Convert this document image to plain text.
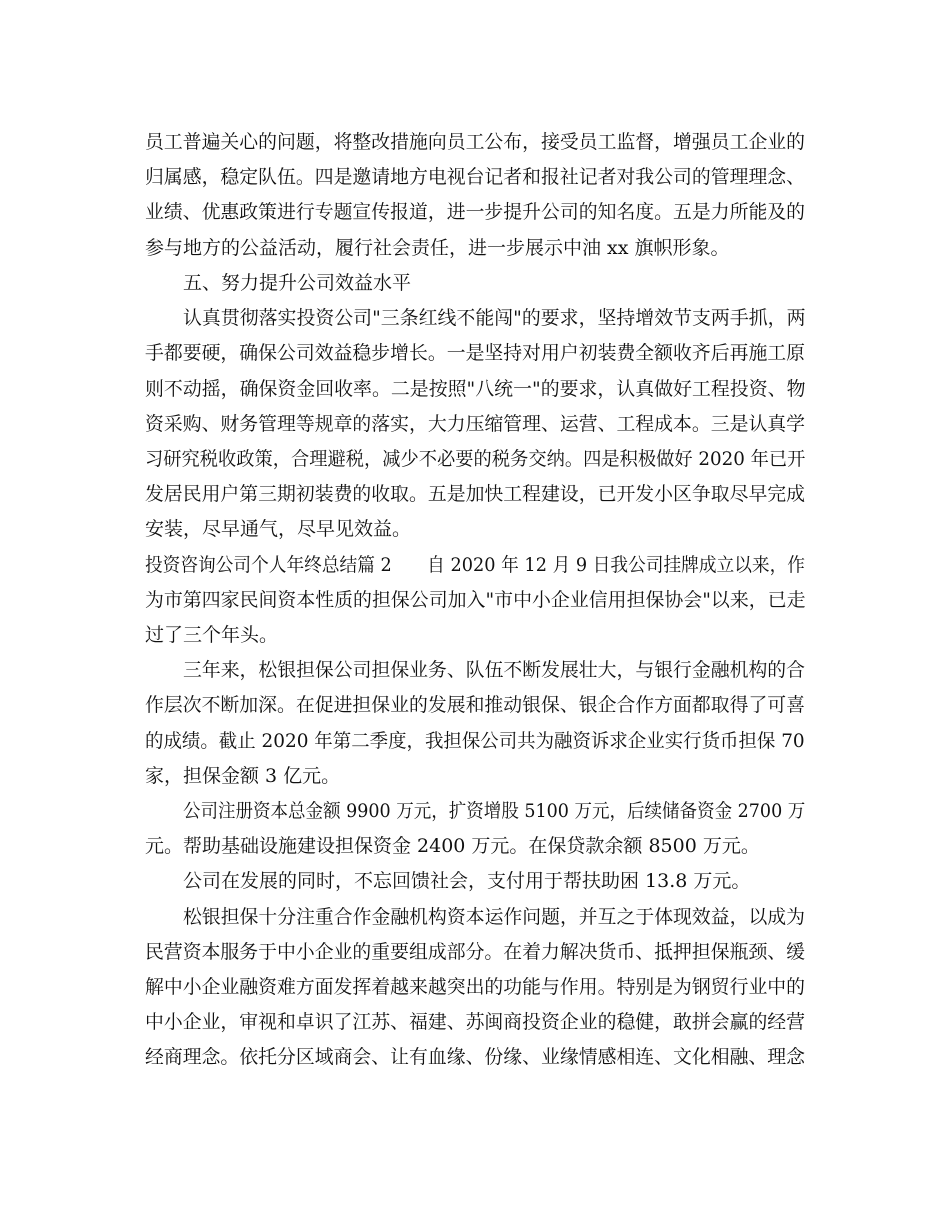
员工普遍关心的问题，将整改措施向员工公布，接受员工监督，增强员工企业的
归属感，稳定队伍。四是邀请地方电视台记者和报社记者对我公司的管理理念、
业绩、优惠政策进行专题宣传报道，进一步提升公司的知名度。五是力所能及的
参与地方的公益活动，履行社会责任，进一步展示中油 xx 旗帜形象。
五、努力提升公司效益水平
认真贯彻落实投资公司"三条红线不能闯"的要求，坚持增效节支两手抓，两
手都要硬，确保公司效益稳步增长。一是坚持对用户初装费全额收齐后再施工原
则不动摇，确保资金回收率。二是按照"八统一"的要求，认真做好工程投资、物
资采购、财务管理等规章的落实，大力压缩管理、运营、工程成本。三是认真学
习研究税收政策，合理避税，减少不必要的税务交纳。四是积极做好 2020 年已开
发居民用户第三期初装费的收取。五是加快工程建设，已开发小区争取尽早完成
安装，尽早通气，尽早见效益。
投资咨询公司个人年终总结篇 2　　自 2020 年 12 月 9 日我公司挂牌成立以来，作
为市第四家民间资本性质的担保公司加入"市中小企业信用担保协会"以来，已走
过了三个年头。
三年来，松银担保公司担保业务、队伍不断发展壮大，与银行金融机构的合
作层次不断加深。在促进担保业的发展和推动银保、银企合作方面都取得了可喜
的成绩。截止 2020 年第二季度，我担保公司共为融资诉求企业实行货币担保 70
家，担保金额 3 亿元。
公司注册资本总金额 9900 万元，扩资增股 5100 万元，后续储备资金 2700 万
元。帮助基础设施建设担保资金 2400 万元。在保贷款余额 8500 万元。
公司在发展的同时，不忘回馈社会，支付用于帮扶助困 13.8 万元。
松银担保十分注重合作金融机构资本运作问题，并互之于体现效益，以成为
民营资本服务于中小企业的重要组成部分。在着力解决货币、抵押担保瓶颈、缓
解中小企业融资难方面发挥着越来越突出的功能与作用。特别是为钢贸行业中的
中小企业，审视和卓识了江苏、福建、苏闽商投资企业的稳健，敢拼会赢的经营
经商理念。依托分区域商会、让有血缘、份缘、业缘情感相连、文化相融、理念
